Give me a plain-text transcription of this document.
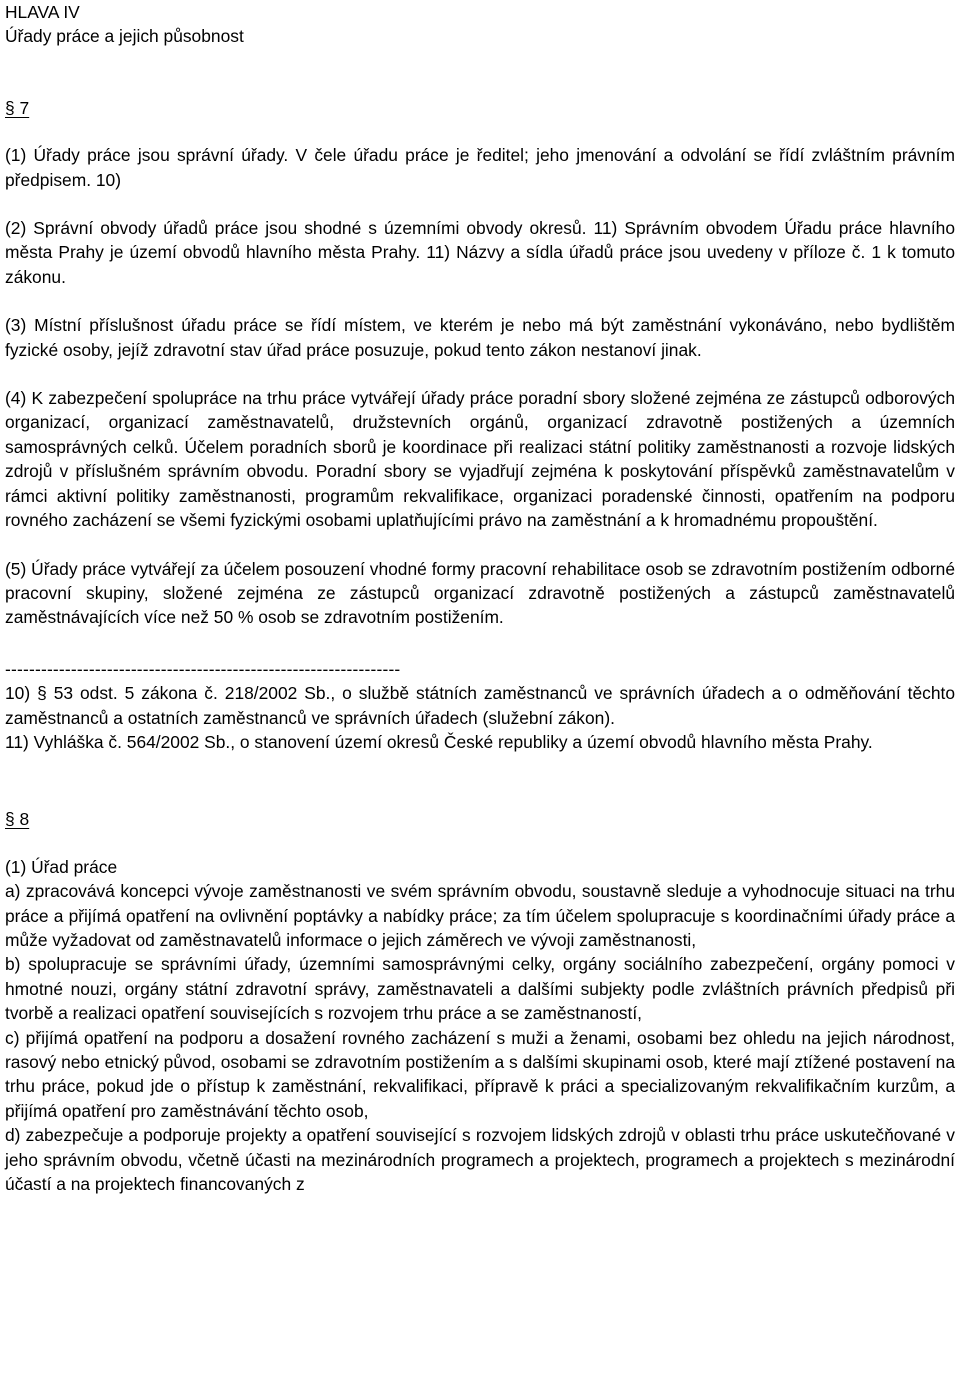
HLAVA IV
Úřady práce a jejich působnost
§ 7

(1) Úřady práce jsou správní úřady. V čele úřadu práce je ředitel; jeho jmenování a odvolání se řídí zvláštním právním předpisem. 10)

(2) Správní obvody úřadů práce jsou shodné s územními obvody okresů. 11) Správním obvodem Úřadu práce hlavního města Prahy je území obvodů hlavního města Prahy. 11) Názvy a sídla úřadů práce jsou uvedeny v příloze č. 1 k tomuto zákonu.

(3) Místní příslušnost úřadu práce se řídí místem, ve kterém je nebo má být zaměstnání vykonáváno, nebo bydlištěm fyzické osoby, jejíž zdravotní stav úřad práce posuzuje, pokud tento zákon nestanoví jinak.

(4) K zabezpečení spolupráce na trhu práce vytvářejí úřady práce poradní sbory složené zejména ze zástupců odborových organizací, organizací zaměstnavatelů, družstevních orgánů, organizací zdravotně postižených a územních samosprávných celků. Účelem poradních sborů je koordinace při realizaci státní politiky zaměstnanosti a rozvoje lidských zdrojů v příslušném správním obvodu. Poradní sbory se vyjadřují zejména k poskytování příspěvků zaměstnavatelům v rámci aktivní politiky zaměstnanosti, programům rekvalifikace, organizaci poradenské činnosti, opatřením na podporu rovného zacházení se všemi fyzickými osobami uplatňujícími právo na zaměstnání a k hromadnému propouštění.

(5) Úřady práce vytvářejí za účelem posouzení vhodné formy pracovní rehabilitace osob se zdravotním postižením odborné pracovní skupiny, složené zejména ze zástupců organizací zdravotně postižených a zástupců zaměstnavatelů zaměstnávajících více než 50 % osob se zdravotním postižením.

------------------------------------------------------------------

10) § 53 odst. 5 zákona č. 218/2002 Sb., o službě státních zaměstnanců ve správních úřadech a o odměňování těchto zaměstnanců a ostatních zaměstnanců ve správních úřadech (služební zákon).

11) Vyhláška č. 564/2002 Sb., o stanovení území okresů České republiky a území obvodů hlavního města Prahy.

§ 8

(1) Úřad práce

a) zpracovává koncepci vývoje zaměstnanosti ve svém správním obvodu, soustavně sleduje a vyhodnocuje situaci na trhu práce a přijímá opatření na ovlivnění poptávky a nabídky práce; za tím účelem spolupracuje s koordinačními úřady práce a může vyžadovat od zaměstnavatelů informace o jejich záměrech ve vývoji zaměstnanosti,

b) spolupracuje se správními úřady, územními samosprávnými celky, orgány sociálního zabezpečení, orgány pomoci v hmotné nouzi, orgány státní zdravotní správy, zaměstnavateli a dalšími subjekty podle zvláštních právních předpisů při tvorbě a realizaci opatření souvisejících s rozvojem trhu práce a se zaměstnaností,

c) přijímá opatření na podporu a dosažení rovného zacházení s muži a ženami, osobami bez ohledu na jejich národnost, rasový nebo etnický původ, osobami se zdravotním postižením a s dalšími skupinami osob, které mají ztížené postavení na trhu práce, pokud jde o přístup k zaměstnání, rekvalifikaci, přípravě k práci a specializovaným rekvalifikačním kurzům, a přijímá opatření pro zaměstnávání těchto osob,

d) zabezpečuje a podporuje projekty a opatření související s rozvojem lidských zdrojů v oblasti trhu práce uskutečňované v jeho správním obvodu, včetně účasti na mezinárodních programech a projektech, programech a projektech s mezinárodní účastí a na projektech financovaných z
